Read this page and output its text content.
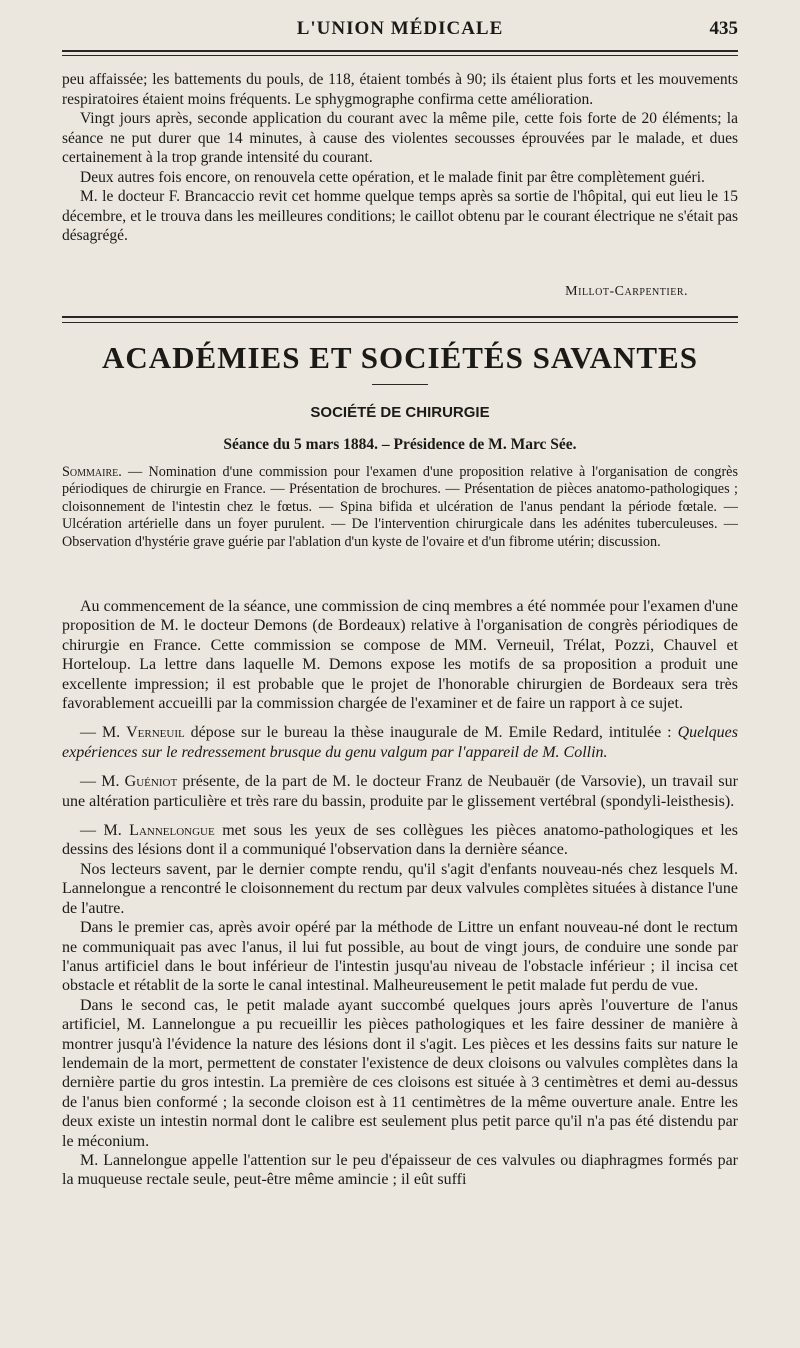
L'UNION MÉDICALE	435

peu affaissée; les battements du pouls, de 118, étaient tombés à 90; ils étaient plus forts et les mouvements respiratoires étaient moins fréquents. Le sphygmographe confirma cette amélioration.

Vingt jours après, seconde application du courant avec la même pile, cette fois forte de 20 éléments; la séance ne put durer que 14 minutes, à cause des violentes secousses éprouvées par le malade, et dues certainement à la trop grande intensité du courant.

Deux autres fois encore, on renouvela cette opération, et le malade finit par être complètement guéri.

M. le docteur F. Brancaccio revit cet homme quelque temps après sa sortie de l'hôpital, qui eut lieu le 15 décembre, et le trouva dans les meilleures conditions; le caillot obtenu par le courant électrique ne s'était pas désagrégé.

Millot-Carpentier.
ACADÉMIES ET SOCIÉTÉS SAVANTES
SOCIÉTÉ DE CHIRURGIE
Séance du 5 mars 1884. – Présidence de M. Marc Sée.
Sommaire. — Nomination d'une commission pour l'examen d'une proposition relative à l'organisation de congrès périodiques de chirurgie en France. — Présentation de brochures. — Présentation de pièces anatomo-pathologiques ; cloisonnement de l'intestin chez le fœtus. — Spina bifida et ulcération de l'anus pendant la période fœtale. — Ulcération artérielle dans un foyer purulent. — De l'intervention chirurgicale dans les adénites tuberculeuses. — Observation d'hystérie grave guérie par l'ablation d'un kyste de l'ovaire et d'un fibrome utérin; discussion.

Au commencement de la séance, une commission de cinq membres a été nommée pour l'examen d'une proposition de M. le docteur Demons (de Bordeaux) relative à l'organisation de congrès périodiques de chirurgie en France. Cette commission se compose de MM. Verneuil, Trélat, Pozzi, Chauvel et Horteloup. La lettre dans laquelle M. Demons expose les motifs de sa proposition a produit une excellente impression; il est probable que le projet de l'honorable chirurgien de Bordeaux sera très favorablement accueilli par la commission chargée de l'examiner et de faire un rapport à ce sujet.

— M. Verneuil dépose sur le bureau la thèse inaugurale de M. Emile Redard, intitulée : Quelques expériences sur le redressement brusque du genu valgum par l'appareil de M. Collin.

— M. Guéniot présente, de la part de M. le docteur Franz de Neubauër (de Varsovie), un travail sur une altération particulière et très rare du bassin, produite par le glissement vertébral (spondyli-leisthesis).

— M. Lannelongue met sous les yeux de ses collègues les pièces anatomo-pathologiques et les dessins des lésions dont il a communiqué l'observation dans la dernière séance.

Nos lecteurs savent, par le dernier compte rendu, qu'il s'agit d'enfants nouveau-nés chez lesquels M. Lannelongue a rencontré le cloisonnement du rectum par deux valvules complètes situées à distance l'une de l'autre.

Dans le premier cas, après avoir opéré par la méthode de Littre un enfant nouveau-né dont le rectum ne communiquait pas avec l'anus, il lui fut possible, au bout de vingt jours, de conduire une sonde par l'anus artificiel dans le bout inférieur de l'intestin jusqu'au niveau de l'obstacle inférieur ; il incisa cet obstacle et rétablit de la sorte le canal intestinal. Malheureusement le petit malade fut perdu de vue.

Dans le second cas, le petit malade ayant succombé quelques jours après l'ouverture de l'anus artificiel, M. Lannelongue a pu recueillir les pièces pathologiques et les faire dessiner de manière à montrer jusqu'à l'évidence la nature des lésions dont il s'agit. Les pièces et les dessins faits sur nature le lendemain de la mort, permettent de constater l'existence de deux cloisons ou valvules complètes dans la dernière partie du gros intestin. La première de ces cloisons est située à 3 centimètres et demi au-dessus de l'anus bien conformé ; la seconde cloison est à 11 centimètres de la même ouverture anale. Entre les deux existe un intestin normal dont le calibre est seulement plus petit parce qu'il n'a pas été distendu par le méconium.

M. Lannelongue appelle l'attention sur le peu d'épaisseur de ces valvules ou diaphragmes formés par la muqueuse rectale seule, peut-être même amincie ; il eût suffi
